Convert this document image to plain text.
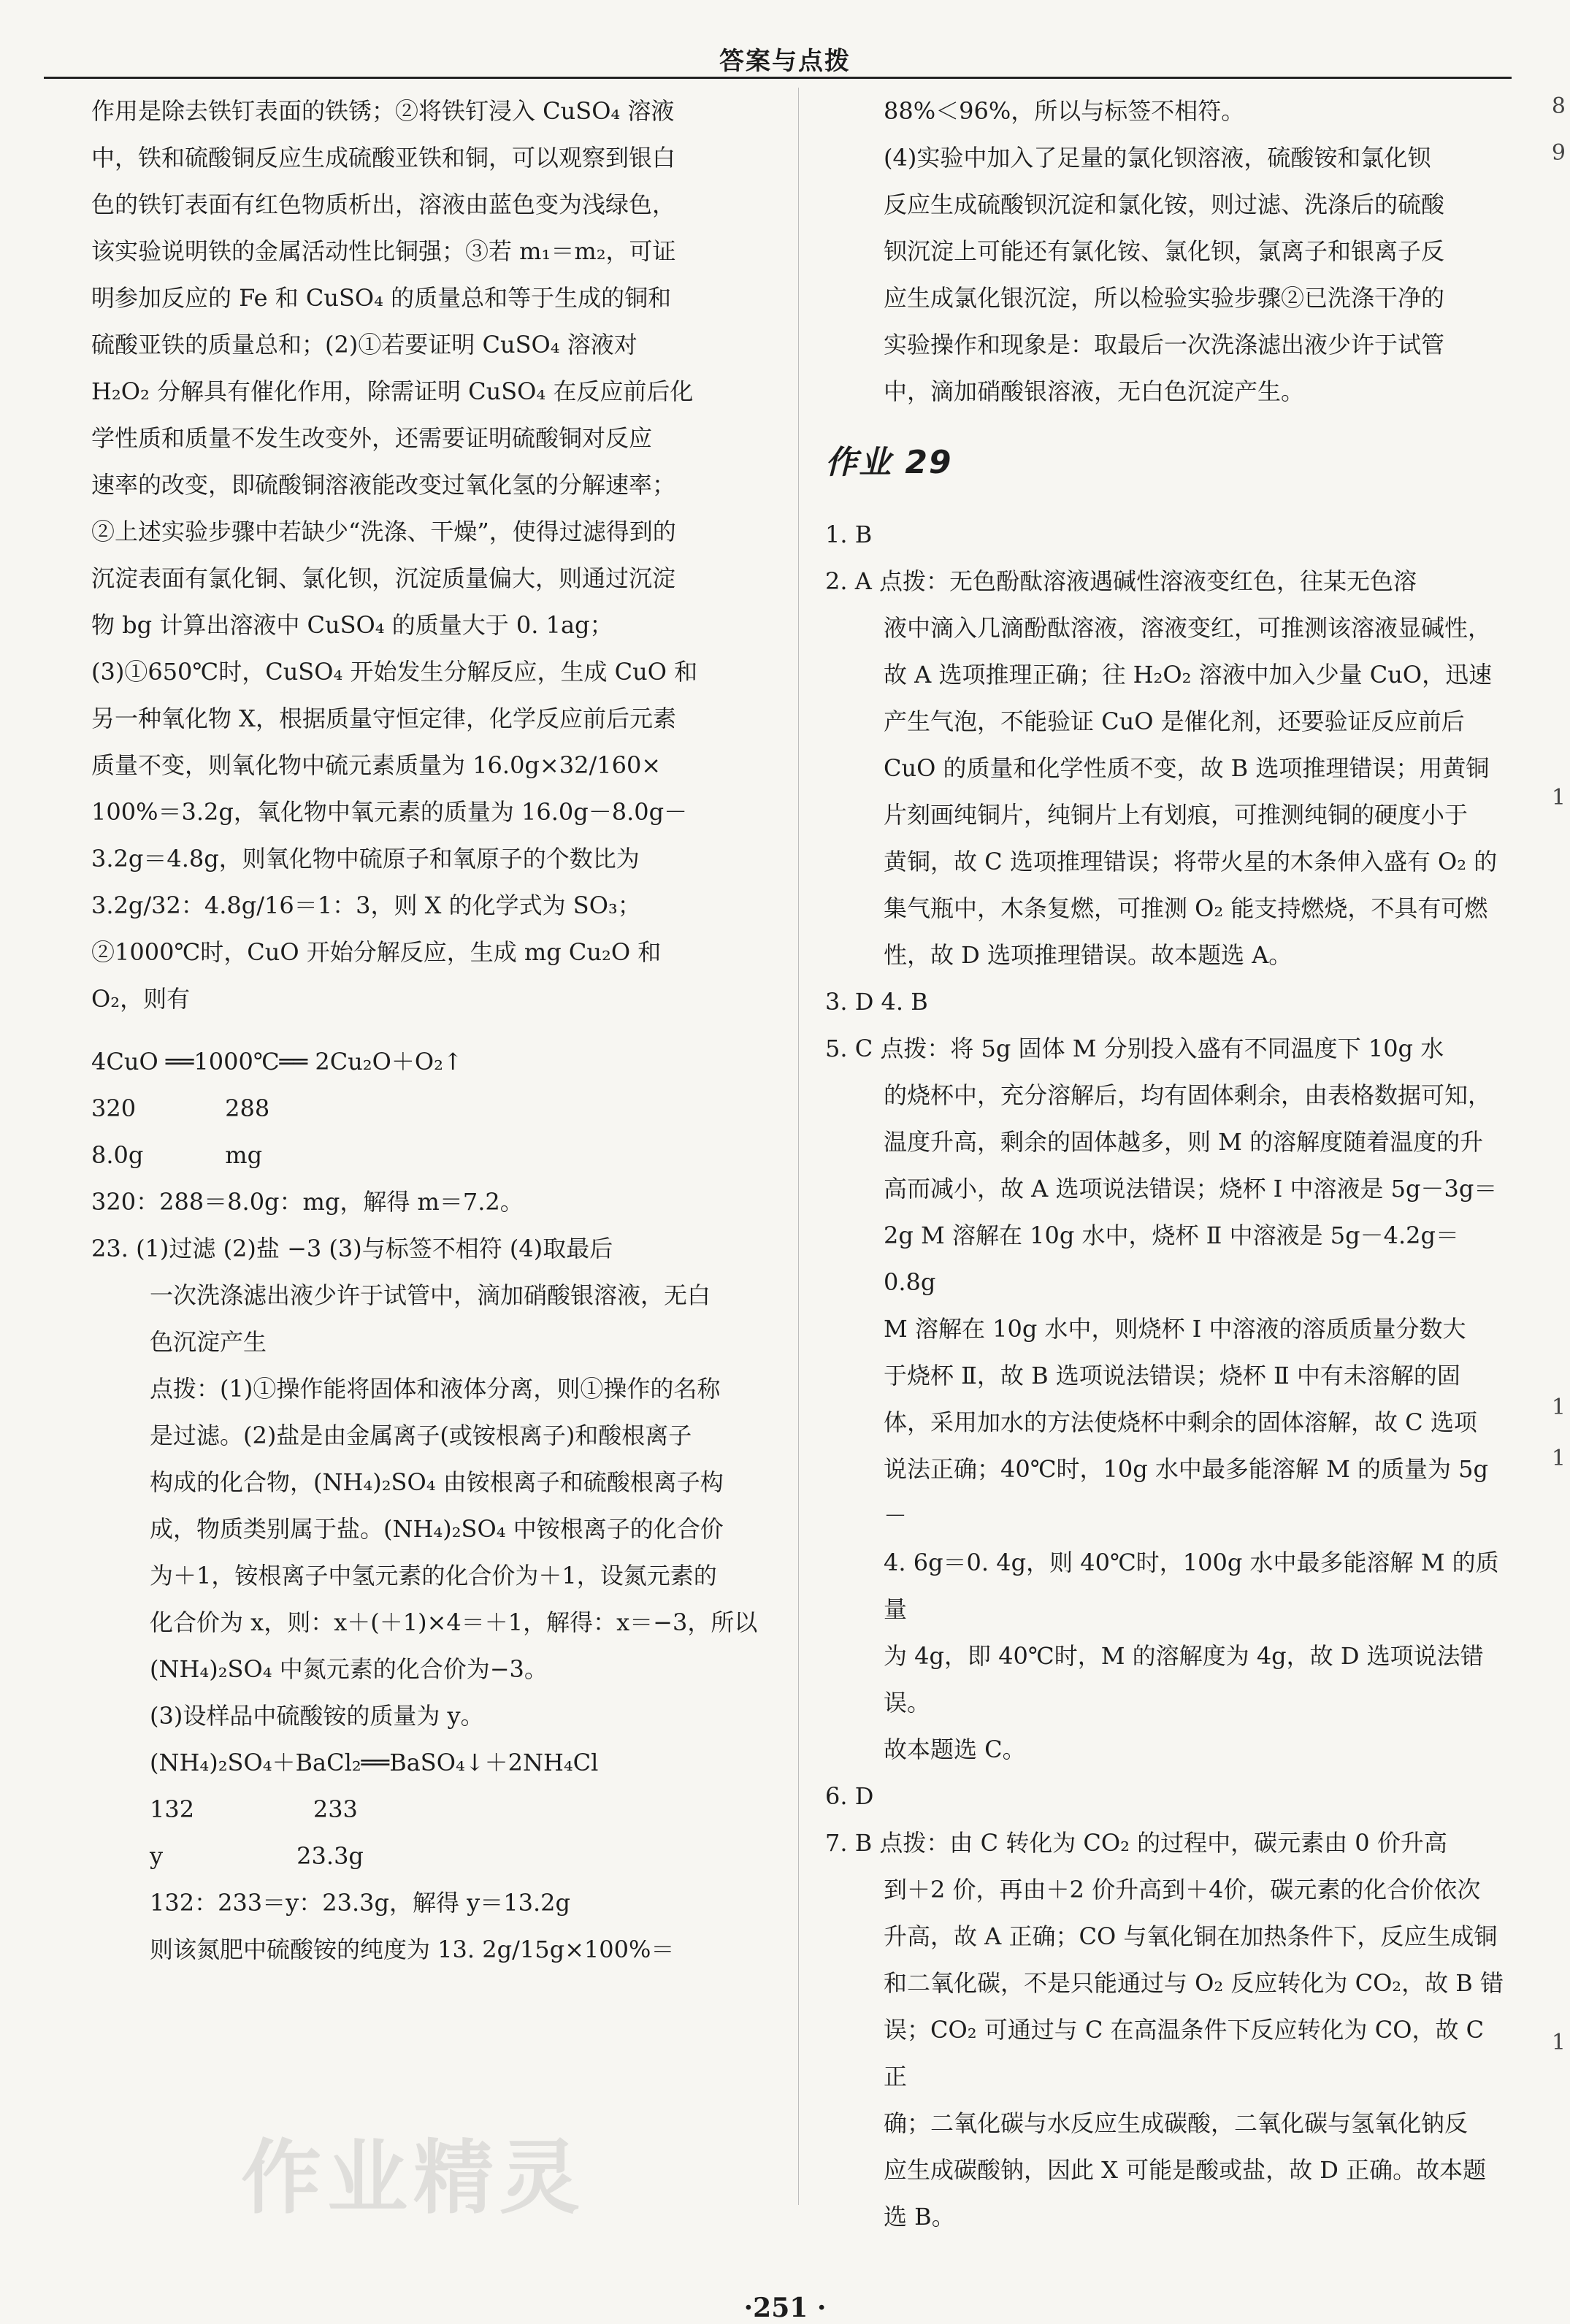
答案与点拨

作用是除去铁钉表面的铁锈；②将铁钉浸入 CuSO₄ 溶液

中，铁和硫酸铜反应生成硫酸亚铁和铜，可以观察到银白

色的铁钉表面有红色物质析出，溶液由蓝色变为浅绿色，

该实验说明铁的金属活动性比铜强；③若 m₁＝m₂，可证

明参加反应的 Fe 和 CuSO₄ 的质量总和等于生成的铜和

硫酸亚铁的质量总和；(2)①若要证明 CuSO₄ 溶液对

H₂O₂ 分解具有催化作用，除需证明 CuSO₄ 在反应前后化

学性质和质量不发生改变外，还需要证明硫酸铜对反应

速率的改变，即硫酸铜溶液能改变过氧化氢的分解速率；

②上述实验步骤中若缺少“洗涤、干燥”，使得过滤得到的

沉淀表面有氯化铜、氯化钡，沉淀质量偏大，则通过沉淀

物 bg 计算出溶液中 CuSO₄ 的质量大于 0. 1ag；

(3)①650℃时，CuSO₄ 开始发生分解反应，生成 CuO 和

另一种氧化物 X，根据质量守恒定律，化学反应前后元素

质量不变，则氧化物中硫元素质量为 16.0g×32/160×

100%＝3.2g，氧化物中氧元素的质量为 16.0g－8.0g－

3.2g＝4.8g，则氧化物中硫原子和氧原子的个数比为

3.2g/32：4.8g/16＝1：3，则 X 的化学式为 SO₃；

②1000℃时，CuO 开始分解反应，生成 mg Cu₂O 和

O₂，则有

4CuO ══1000℃══ 2Cu₂O＋O₂↑

320            288

8.0g           mg

320：288＝8.0g：mg，解得 m＝7.2。

23. (1)过滤 (2)盐 −3 (3)与标签不相符 (4)取最后

一次洗涤滤出液少许于试管中，滴加硝酸银溶液，无白

色沉淀产生

点拨：(1)①操作能将固体和液体分离，则①操作的名称

是过滤。(2)盐是由金属离子(或铵根离子)和酸根离子

构成的化合物，(NH₄)₂SO₄ 由铵根离子和硫酸根离子构

成，物质类别属于盐。(NH₄)₂SO₄ 中铵根离子的化合价

为＋1，铵根离子中氢元素的化合价为＋1，设氮元素的

化合价为 x，则：x＋(＋1)×4＝＋1，解得：x＝−3，所以

(NH₄)₂SO₄ 中氮元素的化合价为−3。

(3)设样品中硫酸铵的质量为 y。

(NH₄)₂SO₄＋BaCl₂══BaSO₄↓＋2NH₄Cl

132                233

y                  23.3g

132：233＝y：23.3g，解得 y＝13.2g

则该氮肥中硫酸铵的纯度为 13. 2g/15g×100%＝

88%＜96%，所以与标签不相符。

(4)实验中加入了足量的氯化钡溶液，硫酸铵和氯化钡

反应生成硫酸钡沉淀和氯化铵，则过滤、洗涤后的硫酸

钡沉淀上可能还有氯化铵、氯化钡，氯离子和银离子反

应生成氯化银沉淀，所以检验实验步骤②已洗涤干净的

实验操作和现象是：取最后一次洗涤滤出液少许于试管

中，滴加硝酸银溶液，无白色沉淀产生。

作业 29

1. B

2. A 点拨：无色酚酞溶液遇碱性溶液变红色，往某无色溶

液中滴入几滴酚酞溶液，溶液变红，可推测该溶液显碱性，

故 A 选项推理正确；往 H₂O₂ 溶液中加入少量 CuO，迅速

产生气泡，不能验证 CuO 是催化剂，还要验证反应前后

CuO 的质量和化学性质不变，故 B 选项推理错误；用黄铜

片刻画纯铜片，纯铜片上有划痕，可推测纯铜的硬度小于

黄铜，故 C 选项推理错误；将带火星的木条伸入盛有 O₂ 的

集气瓶中，木条复燃，可推测 O₂ 能支持燃烧，不具有可燃

性，故 D 选项推理错误。故本题选 A。

3. D 4. B

5. C 点拨：将 5g 固体 M 分别投入盛有不同温度下 10g 水

的烧杯中，充分溶解后，均有固体剩余，由表格数据可知，

温度升高，剩余的固体越多，则 M 的溶解度随着温度的升

高而减小，故 A 选项说法错误；烧杯 Ⅰ 中溶液是 5g－3g＝

2g M 溶解在 10g 水中，烧杯 Ⅱ 中溶液是 5g－4.2g＝0.8g

M 溶解在 10g 水中，则烧杯 Ⅰ 中溶液的溶质质量分数大

于烧杯 Ⅱ，故 B 选项说法错误；烧杯 Ⅱ 中有未溶解的固

体，采用加水的方法使烧杯中剩余的固体溶解，故 C 选项

说法正确；40℃时，10g 水中最多能溶解 M 的质量为 5g－

4. 6g＝0. 4g，则 40℃时，100g 水中最多能溶解 M 的质量

为 4g，即 40℃时，M 的溶解度为 4g，故 D 选项说法错误。

故本题选 C。

6. D

7. B 点拨：由 C 转化为 CO₂ 的过程中，碳元素由 0 价升高

到＋2 价，再由＋2 价升高到＋4价，碳元素的化合价依次

升高，故 A 正确；CO 与氧化铜在加热条件下，反应生成铜

和二氧化碳，不是只能通过与 O₂ 反应转化为 CO₂，故 B 错

误；CO₂ 可通过与 C 在高温条件下反应转化为 CO，故 C 正

确；二氧化碳与水反应生成碳酸，二氧化碳与氢氧化钠反

应生成碳酸钠，因此 X 可能是酸或盐，故 D 正确。故本题

选 B。

8
9
1
1
1
1
作业精灵
·251 ·
